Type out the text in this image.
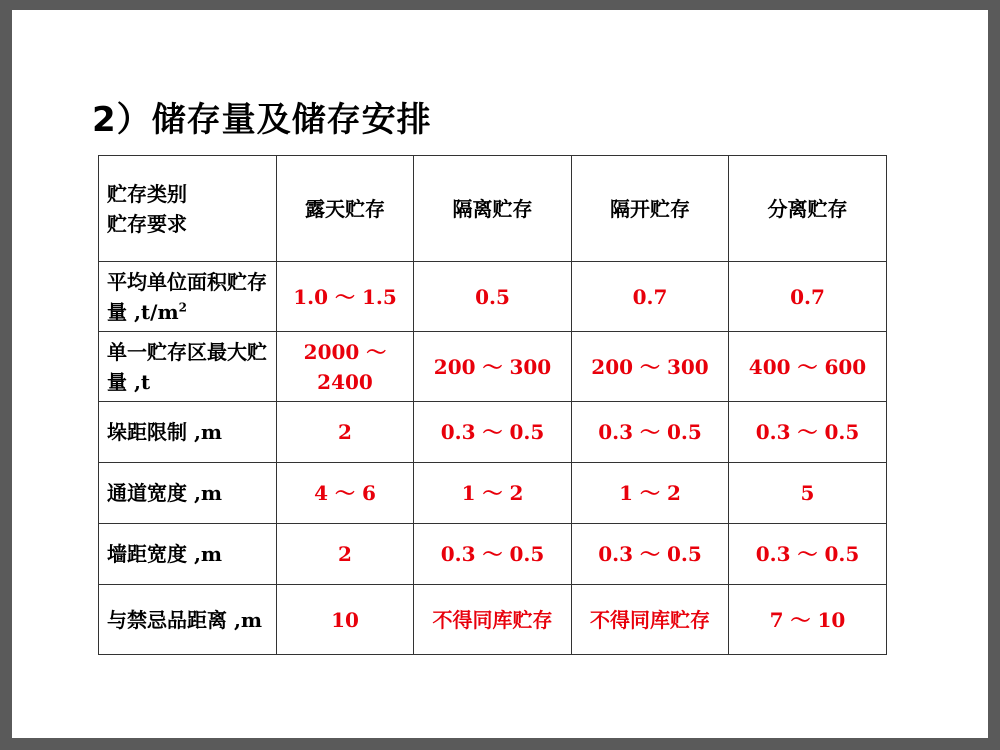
2）储存量及储存安排
贮存类别
贮存要求	露天贮存	隔离贮存	隔开贮存	分离贮存
平均单位面积贮存量 $,t/m^2$	1.0 ～ 1.5	0.5	0.7	0.7
单一贮存区最大贮量 ,t	2000 ～ 2400	200 ～ 300	200 ～ 300	400 ～ 600
垛距限制 ,m	2	0.3 ～ 0.5	0.3 ～ 0.5	0.3 ～ 0.5
通道宽度 ,m	4 ～ 6	1 ～ 2	1 ～ 2	5
墙距宽度 ,m	2	0.3 ～ 0.5	0.3 ～ 0.5	0.3 ～ 0.5
与禁忌品距离 ,m	10	不得同库贮存	不得同库贮存	7 ～ 10
